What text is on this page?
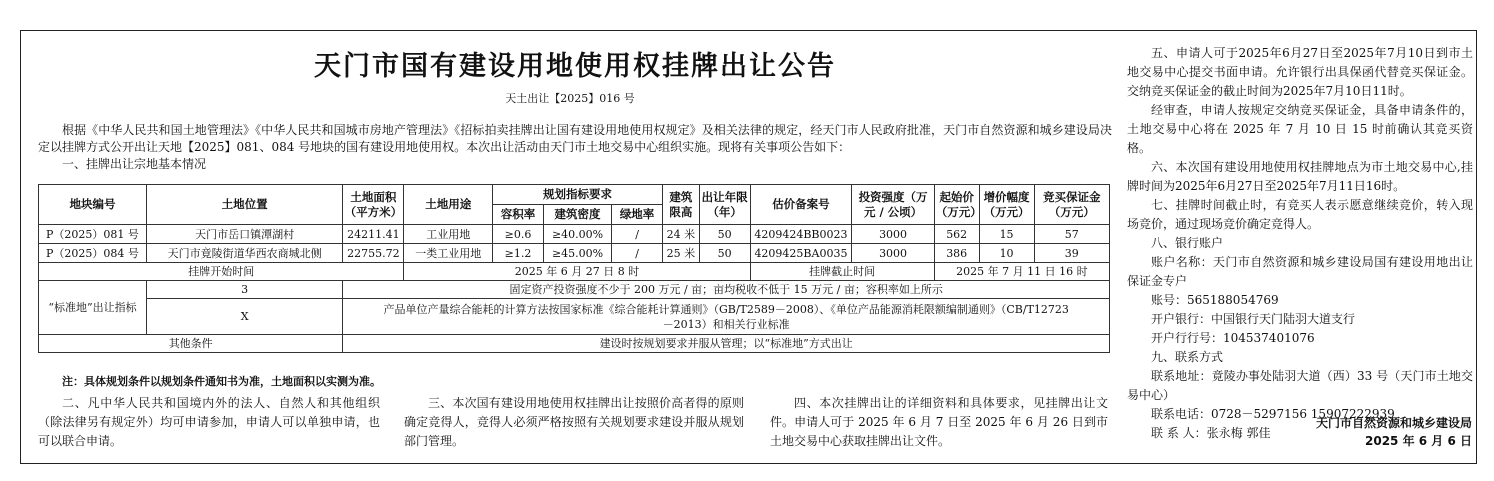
天门市国有建设用地使用权挂牌出让公告
天土出让【2025】016 号
根据《中华人民共和国土地管理法》《中华人民共和国城市房地产管理法》《招标拍卖挂牌出让国有建设用地使用权规定》及相关法律的规定，经天门市人民政府批准，天门市自然资源和城乡建设局决定以挂牌方式公开出让天地【2025】081、084 号地块的国有建设用地使用权。本次出让活动由天门市土地交易中心组织实施。现将有关事项公告如下：
一、挂牌出让宗地基本情况
地块编号	土地位置	土地面积（平方米）	土地用途	规划指标要求			建筑限高	出让年限（年）	估价备案号	投资强度（万元 / 公顷）	起始价（万元）	增价幅度（万元）	竞买保证金（万元）
				容积率	建筑密度	绿地率							
P（2025）081 号	天门市岳口镇潭湖村	24211.41	工业用地	≥0.6	≥40.00%	/	24 米	50	4209424BB0023	3000	562	15	57
P（2025）084 号	天门市竟陵街道华西农商城北侧	22755.72	一类工业用地	≥1.2	≥45.00%	/	25 米	50	4209425BA0035	3000	386	10	39
挂牌开始时间			2025 年 6 月 27 日 8 时						挂牌截止时间		2025 年 7 月 11 日 16 时		
“标准地”出让指标	3	固定资产投资强度不少于 200 万元 / 亩；亩均税收不低于 15 万元 / 亩；容积率如上所示											
	X	产品单位产量综合能耗的计算方法按国家标准《综合能耗计算通则》（GB/T2589－2008）、《单位产品能源消耗限额编制通则》（CB/T12723－2013）和相关行业标准											
其他条件		建设时按规划要求并服从管理；以“标准地”方式出让											
注：具体规划条件以规划条件通知书为准，土地面积以实测为准。
二、凡中华人民共和国境内外的法人、自然人和其他组织（除法律另有规定外）均可申请参加，申请人可以单独申请，也可以联合申请。
三、本次国有建设用地使用权挂牌出让按照价高者得的原则确定竞得人，竞得人必须严格按照有关规划要求建设并服从规划部门管理。
四、本次挂牌出让的详细资料和具体要求，见挂牌出让文件。申请人可于 2025 年 6 月 7 日至 2025 年 6 月 26 日到市土地交易中心获取挂牌出让文件。

五、申请人可于2025年6月27日至2025年7月10日到市土地交易中心提交书面申请。允许银行出具保函代替竞买保证金。交纳竞买保证金的截止时间为2025年7月10日11时。

经审查，申请人按规定交纳竞买保证金，具备申请条件的，土地交易中心将在 2025 年 7 月 10 日 15 时前确认其竞买资格。

六、本次国有建设用地使用权挂牌地点为市土地交易中心,挂牌时间为2025年6月27日至2025年7月11日16时。

七、挂牌时间截止时，有竞买人表示愿意继续竞价，转入现场竞价，通过现场竞价确定竞得人。

八、银行账户

账户名称：天门市自然资源和城乡建设局国有建设用地出让保证金专户

账号：565188054769

开户银行：中国银行天门陆羽大道支行

开户行行号：104537401076

九、联系方式

联系地址：竟陵办事处陆羽大道（西）33 号（天门市土地交易中心）

联系电话：0728－5297156 15907222939

联 系 人：张永梅 郭佳

天门市自然资源和城乡建设局
2025 年 6 月 6 日
